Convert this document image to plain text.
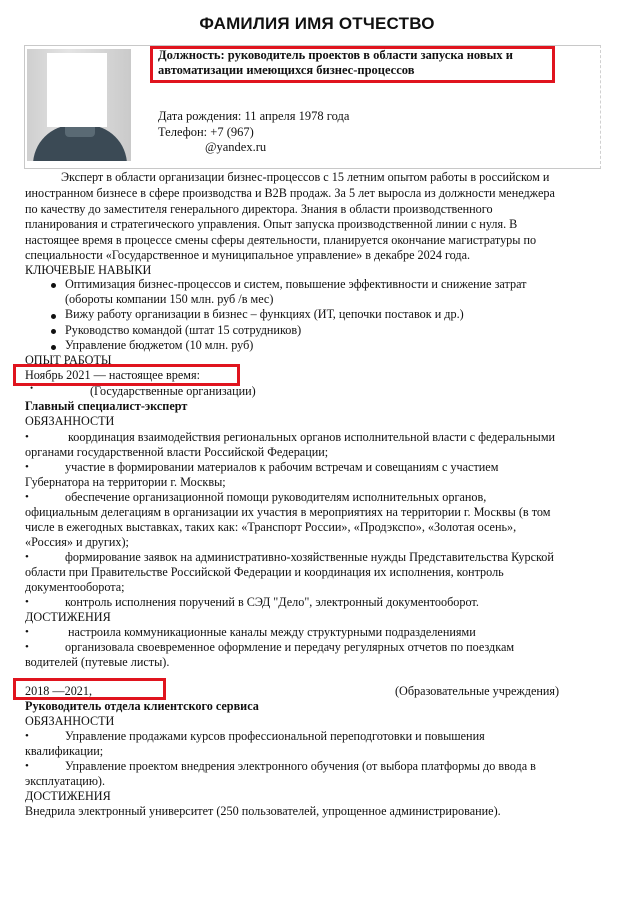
ФАМИЛИЯ ИМЯ ОТЧЕСТВО
Должность: руководитель проектов в области запуска новых и автоматизации имеющихся бизнес-процессов
Дата рождения: 11 апреля 1978 года
Телефон: +7 (967)
@yandex.ru
Эксперт в области организации бизнес-процессов с 15 летним опытом работы в российском и
иностранном бизнесе в сфере производства и B2B продаж. За 5 лет выросла из должности менеджера
по качеству до заместителя генерального директора. Знания в области производственного
планирования и стратегического управления. Опыт запуска производственной линии с нуля. В
настоящее время в процессе смены сферы деятельности, планируется окончание магистратуры по
специальности «Государственное и муниципальное управление» в декабре 2024 года.
КЛЮЧЕВЫЕ НАВЫКИ
Оптимизация бизнес-процессов и систем, повышение эффективности и снижение затрат
(обороты компании 150 млн. руб /в мес)
Вижу работу организации в бизнес – функциях (ИТ, цепочки поставок и др.)
Руководство командой (штат 15 сотрудников)
Управление бюджетом (10 млн. руб)
ОПЫТ РАБОТЫ
Ноябрь 2021 — настоящее время:
•	(Государственные организации)
Главный специалист-эксперт
ОБЯЗАННОСТИ
•	координация взаимодействия региональных органов исполнительной власти с федеральными
органами государственной власти Российской Федерации;
•	участие в формировании материалов к рабочим встречам и совещаниям с участием
Губернатора на территории г. Москвы;
•	обеспечение организационной помощи руководителям исполнительных органов,
официальным делегациям в организации их участия в мероприятиях на территории г. Москвы (в том
числе в ежегодных выставках, таких как: «Транспорт России», «Продэкспо», «Золотая осень»,
«Россия» и других);
•	формирование заявок на административно-хозяйственные нужды Представительства Курской
области при Правительстве Российской Федерации и координация их исполнения, контроль
документооборота;
•	контроль исполнения поручений в СЭД "Дело", электронный документооборот.
ДОСТИЖЕНИЯ
•	настроила коммуникационные каналы между структурными подразделениями
•	организовала своевременное оформление и передачу регулярных отчетов по поездкам
водителей (путевые листы).
2018 —2021,	(Образовательные учреждения)
Руководитель отдела клиентского сервиса
ОБЯЗАННОСТИ
•	Управление продажами курсов профессиональной переподготовки и повышения
квалификации;
•	Управление проектом внедрения электронного обучения (от выбора платформы до ввода в
эксплуатацию).
ДОСТИЖЕНИЯ
Внедрила электронный университет (250 пользователей, упрощенное администрирование).
